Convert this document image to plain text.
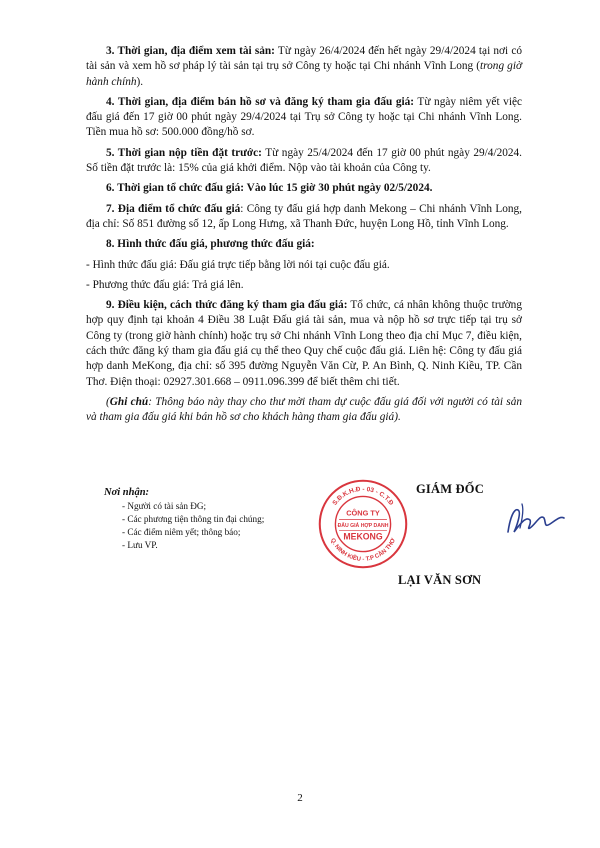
3. Thời gian, địa điểm xem tài sản: Từ ngày 26/4/2024 đến hết ngày 29/4/2024 tại nơi có tài sản và xem hồ sơ pháp lý tài sản tại trụ sở Công ty hoặc tại Chi nhánh Vĩnh Long (trong giờ hành chính).

4. Thời gian, địa điểm bán hồ sơ và đăng ký tham gia đấu giá: Từ ngày niêm yết việc đấu giá đến 17 giờ 00 phút ngày 29/4/2024 tại Trụ sở Công ty hoặc tại Chi nhánh Vĩnh Long. Tiền mua hồ sơ: 500.000 đồng/hồ sơ.

5. Thời gian nộp tiền đặt trước: Từ ngày 25/4/2024 đến 17 giờ 00 phút ngày 29/4/2024. Số tiền đặt trước là: 15% của giá khởi điểm. Nộp vào tài khoản của Công ty.

6. Thời gian tổ chức đấu giá: Vào lúc 15 giờ 30 phút ngày 02/5/2024.

7. Địa điểm tổ chức đấu giá: Công ty đấu giá hợp danh Mekong – Chi nhánh Vĩnh Long, địa chỉ: Số 851 đường số 12, ấp Long Hưng, xã Thanh Đức, huyện Long Hồ, tỉnh Vĩnh Long.

8. Hình thức đấu giá, phương thức đấu giá:

- Hình thức đấu giá: Đấu giá trực tiếp bằng lời nói tại cuộc đấu giá.

- Phương thức đấu giá: Trả giá lên.

9. Điều kiện, cách thức đăng ký tham gia đấu giá: Tổ chức, cá nhân không thuộc trường hợp quy định tại khoản 4 Điều 38 Luật Đấu giá tài sản, mua và nộp hồ sơ trực tiếp tại trụ sở Công ty (trong giờ hành chính) hoặc trụ sở Chi nhánh Vĩnh Long theo địa chỉ Mục 7, điều kiện, cách thức đăng ký tham gia đấu giá cụ thể theo Quy chế cuộc đấu giá. Liên hệ: Công ty đấu giá hợp danh MeKong, địa chỉ: số 395 đường Nguyễn Văn Cừ, P. An Bình, Q. Ninh Kiều, TP. Cần Thơ. Điện thoại: 02927.301.668 – 0911.096.399 để biết thêm chi tiết.

(Ghi chú: Thông báo này thay cho thư mời tham dự cuộc đấu giá đối với người có tài sản và tham gia đấu giá khi bán hồ sơ cho khách hàng tham gia đấu giá).

Nơi nhận:
- Người có tài sản ĐG;
- Các phương tiện thông tin đại chúng;
- Các điểm niêm yết; thông báo;
- Lưu VP.
S.Đ.K.H.Đ - 03 - C.T.Đ
Q. NINH KIỀU - T.P CẦN THƠ
CÔNG TY
ĐẤU GIÁ HỢP DANH
MEKONG
GIÁM ĐỐC
LẠI VĂN SƠN
2
